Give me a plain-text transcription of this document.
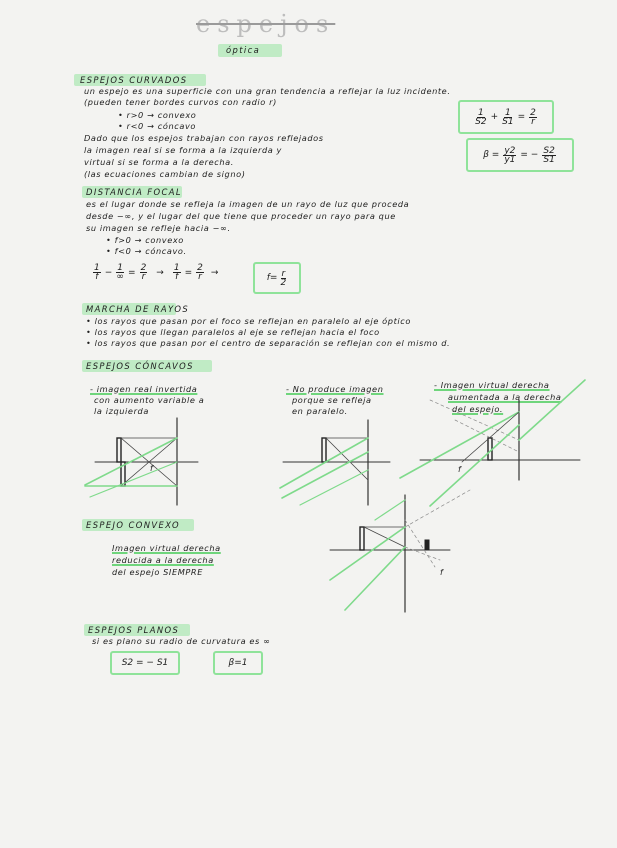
espejos
óptica
ESPEJOS CURVADOS
un espejo es una superficie con una gran tendencia a reflejar la luz incidente.
(pueden tener bordes curvos con radio r)
• r>0 → convexo
• r<0 → cóncavo
Dado que los espejos trabajan con rayos reflejados
la imagen real si se forma a la izquierda y
virtual si se forma a la derecha.
(las ecuaciones cambian de signo)
$\frac{1}{S2} + \frac{1}{S1} = \frac{2}{r}$
$\beta = \frac{y2}{y1}$ = − $\frac{S2}{S1}$
DISTANCIA FOCAL
es el lugar donde se refleja la imagen de un rayo de luz que proceda
desde −∞, y el lugar del que tiene que proceder un rayo para que
su imagen se refleje hacia −∞.
• f>0 → convexo
• f<0 → cóncavo.
$\frac{1}{f} - \frac{1}{\infty} = \frac{2}{r} \to \frac{1}{f} = \frac{2}{r}$ →
$f= \frac{r}{2}$
MARCHA DE RAYOS
• los rayos que pasan por el foco se reflejan en paralelo al eje óptico
• los rayos que llegan paralelos al eje se reflejan hacia el foco
• los rayos que pasan por el centro de separación se reflejan con el mismo d.
ESPEJOS CÓNCAVOS
- imagen real invertida
con aumento variable a
la izquierda
- No produce imagen
porque se refleja
en paralelo.
- Imagen virtual derecha
aumentada a la derecha
del espejo.
ESPEJO CONVEXO
Imagen virtual derecha
reducida a la derecha
del espejo SIEMPRE
ESPEJOS PLANOS
si es plano su radio de curvatura es ∞
S2 = − S1	β=1
f	f
f
